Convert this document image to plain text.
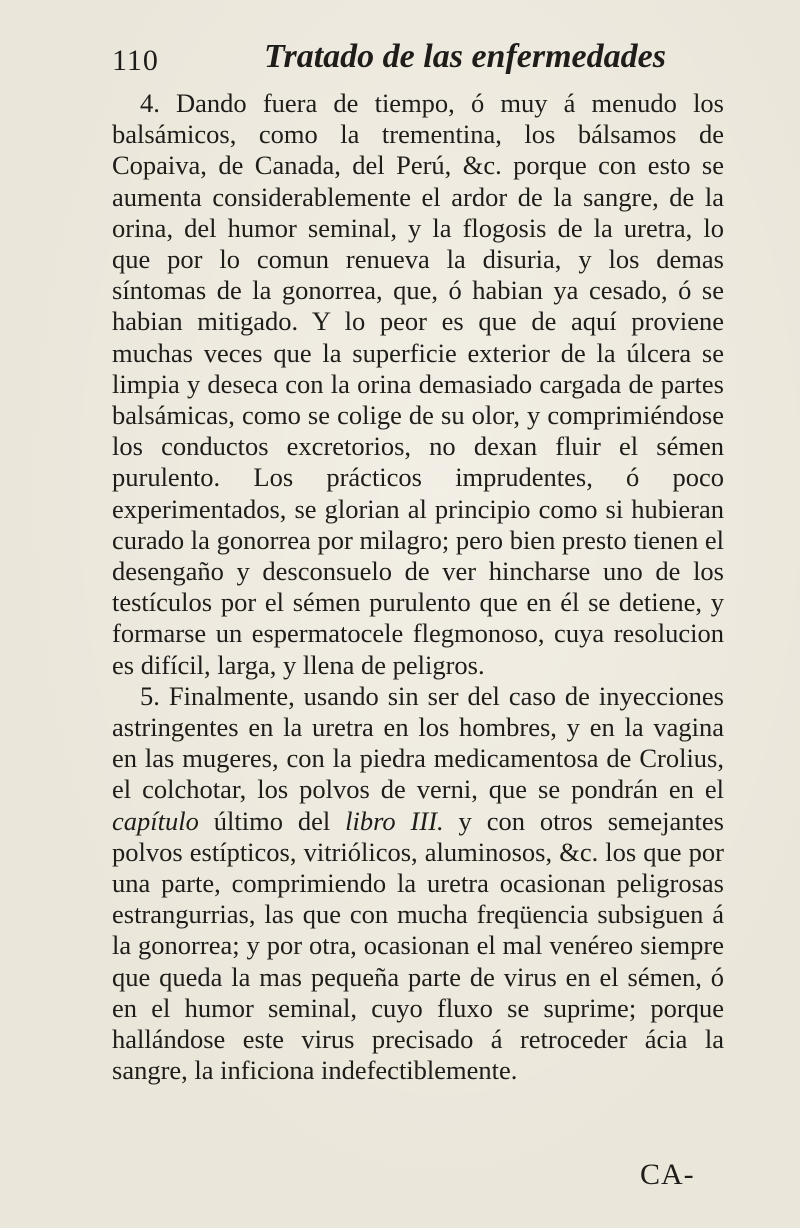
110	Tratado de las enfermedades

4. Dando fuera de tiempo, ó muy á menudo los balsámicos, como la trementina, los bálsamos de Copaiva, de Canada, del Perú, &c. porque con esto se aumenta considerablemente el ardor de la sangre, de la orina, del humor seminal, y la flogosis de la uretra, lo que por lo comun renueva la disuria, y los demas síntomas de la gonorrea, que, ó habian ya cesado, ó se habian mitigado. Y lo peor es que de aquí proviene muchas veces que la superficie exterior de la úlcera se limpia y deseca con la orina demasiado cargada de partes balsámicas, como se colige de su olor, y comprimiéndose los conductos excretorios, no dexan fluir el sémen purulento. Los prácticos imprudentes, ó poco experimentados, se glorian al principio como si hubieran curado la gonorrea por milagro; pero bien presto tienen el desengaño y desconsuelo de ver hincharse uno de los testículos por el sémen purulento que en él se detiene, y formarse un espermatocele flegmonoso, cuya resolucion es difícil, larga, y llena de peligros.

5. Finalmente, usando sin ser del caso de inyecciones astringentes en la uretra en los hombres, y en la vagina en las mugeres, con la piedra medicamentosa de Crolius, el colchotar, los polvos de verni, que se pondrán en el capítulo último del libro III. y con otros semejantes polvos estípticos, vitriólicos, aluminosos, &c. los que por una parte, comprimiendo la uretra ocasionan peligrosas estrangurrias, las que con mucha freqüencia subsiguen á la gonorrea; y por otra, ocasionan el mal venéreo siempre que queda la mas pequeña parte de virus en el sémen, ó en el humor seminal, cuyo fluxo se suprime; porque hallándose este virus precisado á retroceder ácia la sangre, la inficiona indefectiblemente.

CA-
